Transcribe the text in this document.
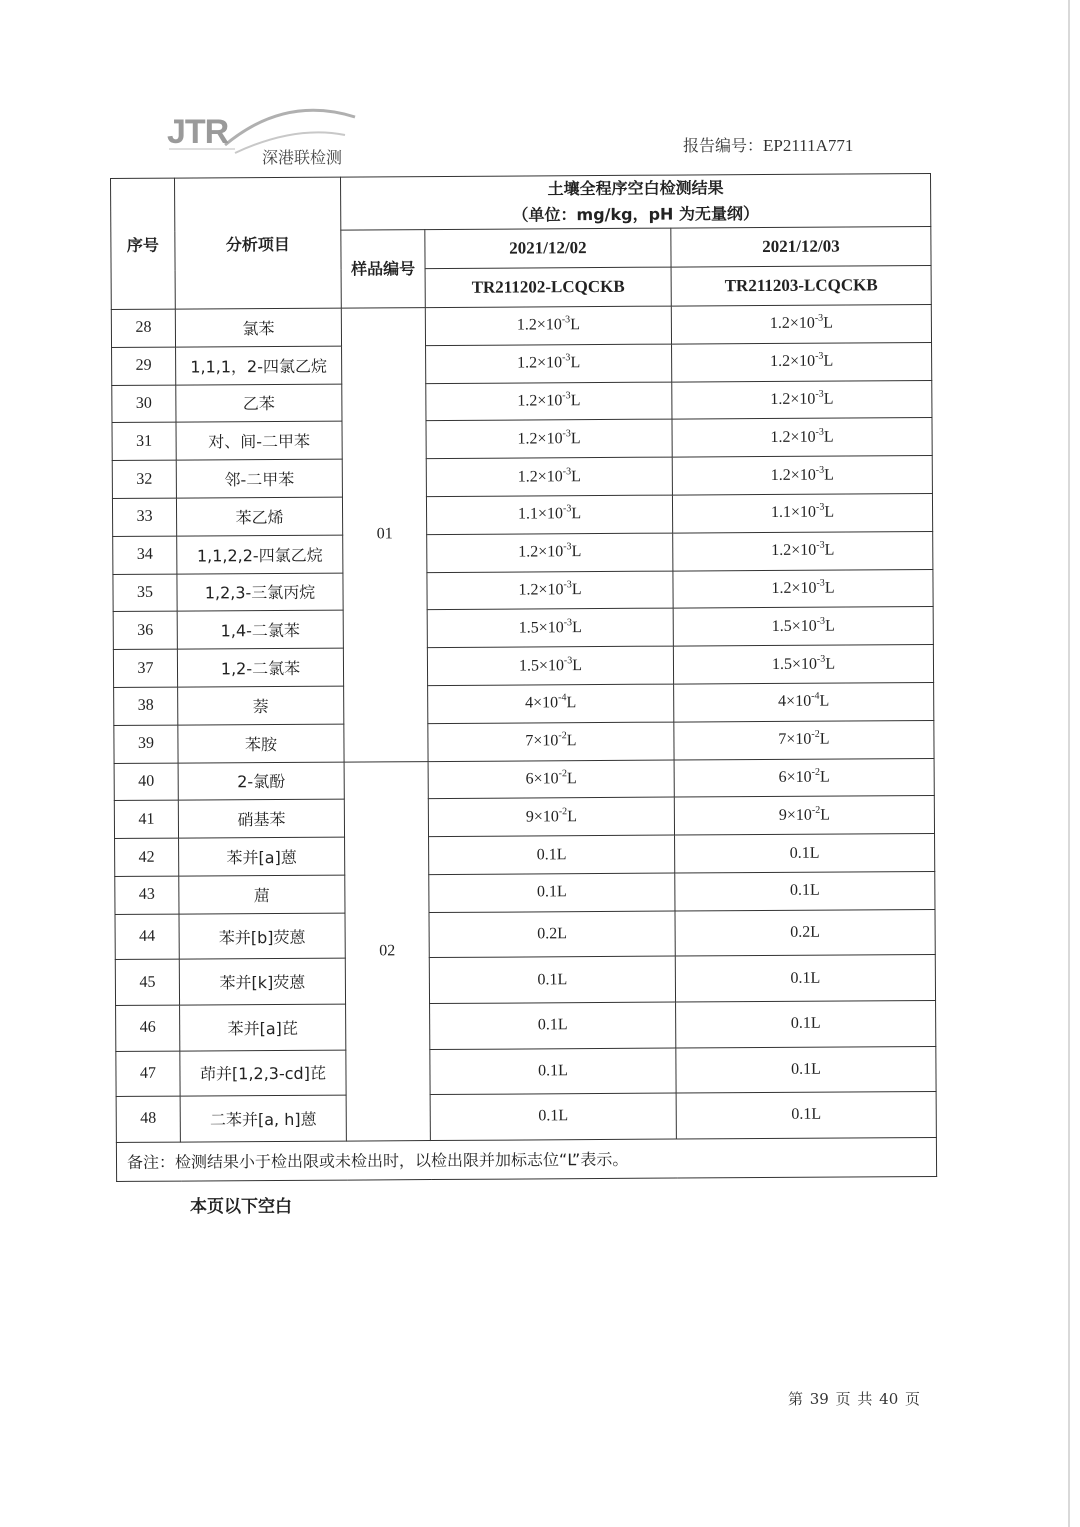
JTR
深港联检测
报告编号：EP2111A771
序号	分析项目	土壤全程序空白检测结果
（单位：mg/kg，pH 为无量纲）		

		样品编号	2021/12/02	2021/12/03
			TR211202-LCQCKB	TR211203-LCQCKB
28	氯苯	01	$1.2\times 10^{-3}L$	$1.2\times 10^{-3}L$
29	1,1,1，2-四氯乙烷		$1.2\times 10^{-3}L$	$1.2\times 10^{-3}L$
30	乙苯		$1.2\times 10^{-3}L$	$1.2\times 10^{-3}L$
31	对、间-二甲苯		$1.2\times 10^{-3}L$	$1.2\times 10^{-3}L$
32	邻-二甲苯		$1.2\times 10^{-3}L$	$1.2\times 10^{-3}L$
33	苯乙烯		$1.1\times 10^{-3}L$	$1.1\times 10^{-3}L$
34	1,1,2,2-四氯乙烷		$1.2\times 10^{-3}L$	$1.2\times 10^{-3}L$
35	1,2,3-三氯丙烷		$1.2\times 10^{-3}L$	$1.2\times 10^{-3}L$
36	1,4-二氯苯		$1.5\times 10^{-3}L$	$1.5\times 10^{-3}L$
37	1,2-二氯苯		$1.5\times 10^{-3}L$	$1.5\times 10^{-3}L$
38	萘		$4\times 10^{-4}L$	$4\times 10^{-4}L$
39	苯胺		$7\times 10^{-2}L$	$7\times 10^{-2}L$
40	2-氯酚	02	$6\times 10^{-2}L$	$6\times 10^{-2}L$
41	硝基苯		$9\times 10^{-2}L$	$9\times 10^{-2}L$
42	苯并[a]蒽		0.1L	0.1L
43	䓛		0.1L	0.1L
44	苯并[b]荧蒽		0.2L	0.2L
45	苯并[k]荧蒽		0.1L	0.1L
46	苯并[a]芘		0.1L	0.1L
47	茚并[1,2,3-cd]芘		0.1L	0.1L
48	二苯并[a, h]蒽		0.1L	0.1L
备注：检测结果小于检出限或未检出时，以检出限并加标志位“L”表示。				
本页以下空白
第 39 页 共 40 页
